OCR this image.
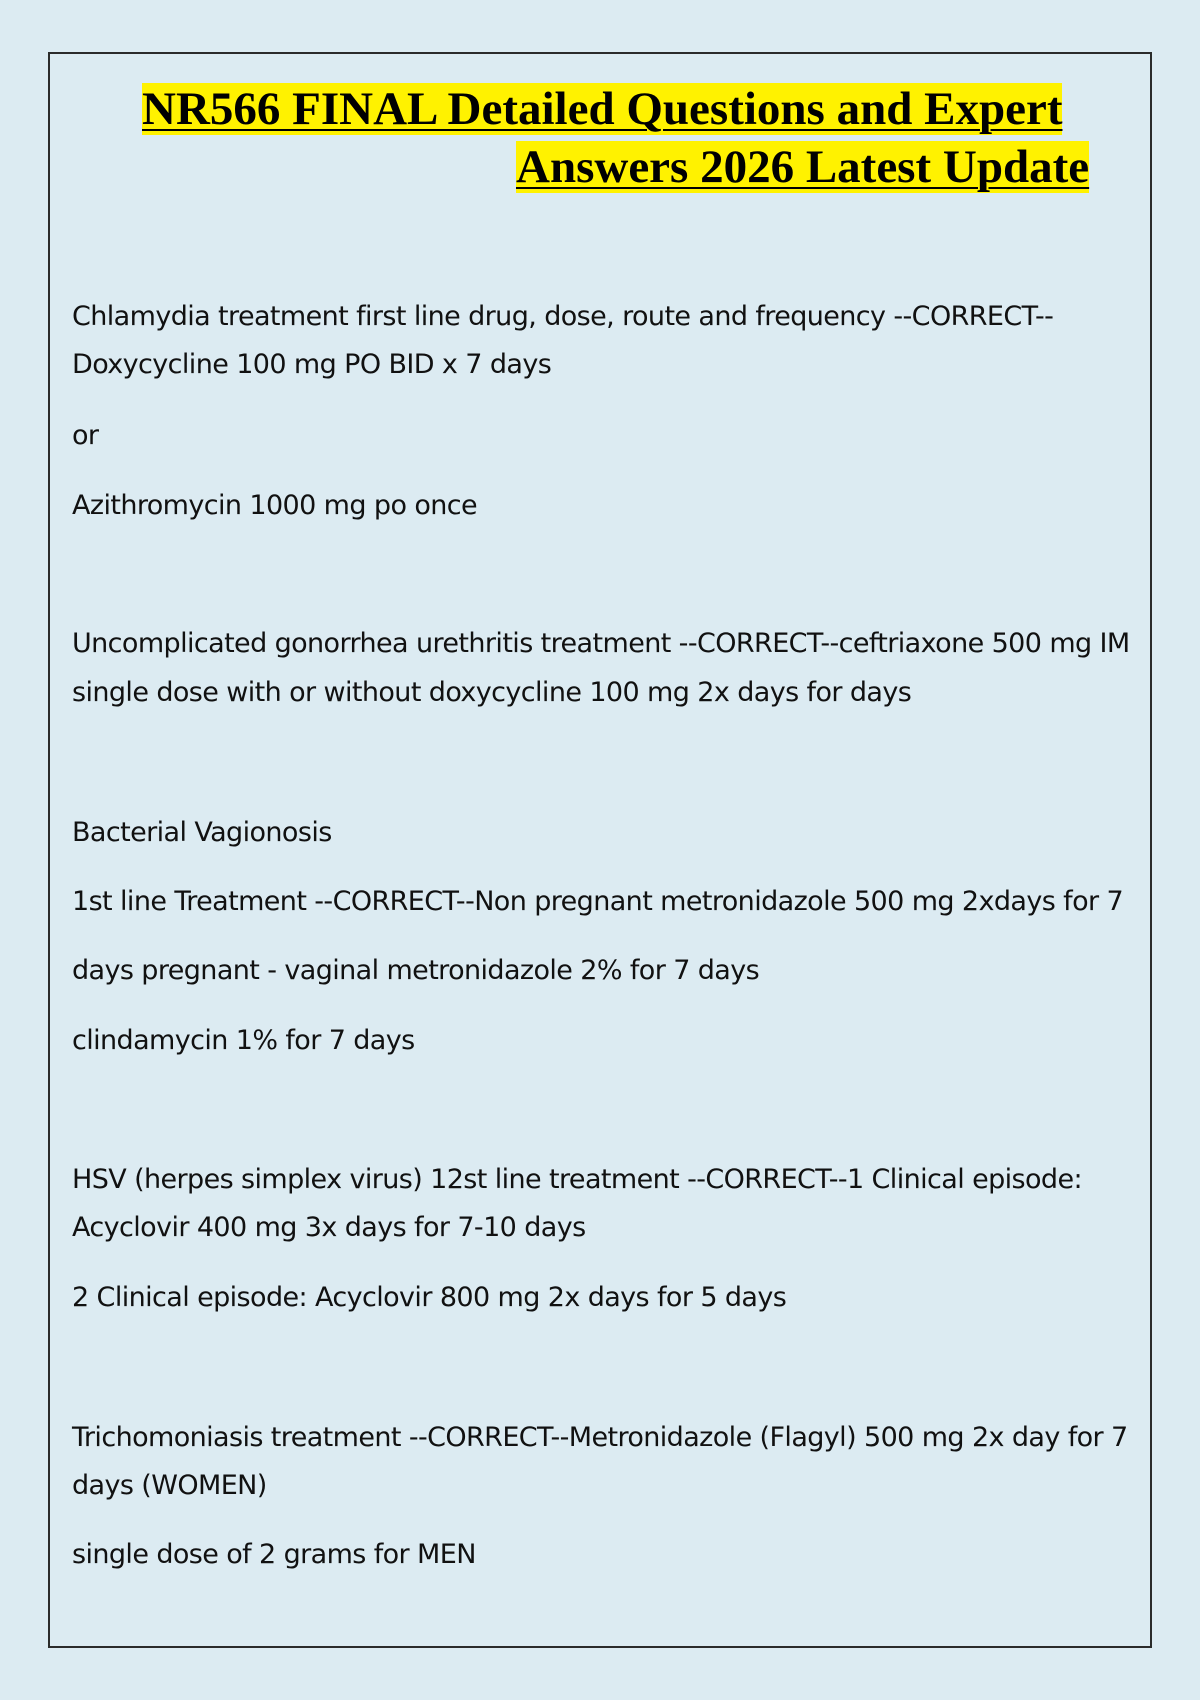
NR566 FINAL Detailed Questions and Expert
Answers 2026 Latest Update
Chlamydia treatment first line drug, dose, route and frequency --CORRECT--
Doxycycline 100 mg PO BID x 7 days
or
Azithromycin 1000 mg po once
Uncomplicated gonorrhea urethritis treatment --CORRECT--ceftriaxone 500 mg IM
single dose with or without doxycycline 100 mg 2x days for days
Bacterial Vagionosis
1st line Treatment --CORRECT--Non pregnant metronidazole 500 mg 2xdays for 7
days pregnant - vaginal metronidazole 2% for 7 days
clindamycin 1% for 7 days
HSV (herpes simplex virus) 12st line treatment --CORRECT--1 Clinical episode:
Acyclovir 400 mg 3x days for 7-10 days
2 Clinical episode: Acyclovir 800 mg 2x days for 5 days
Trichomoniasis treatment --CORRECT--Metronidazole (Flagyl) 500 mg 2x day for 7
days (WOMEN)
single dose of 2 grams for MEN
